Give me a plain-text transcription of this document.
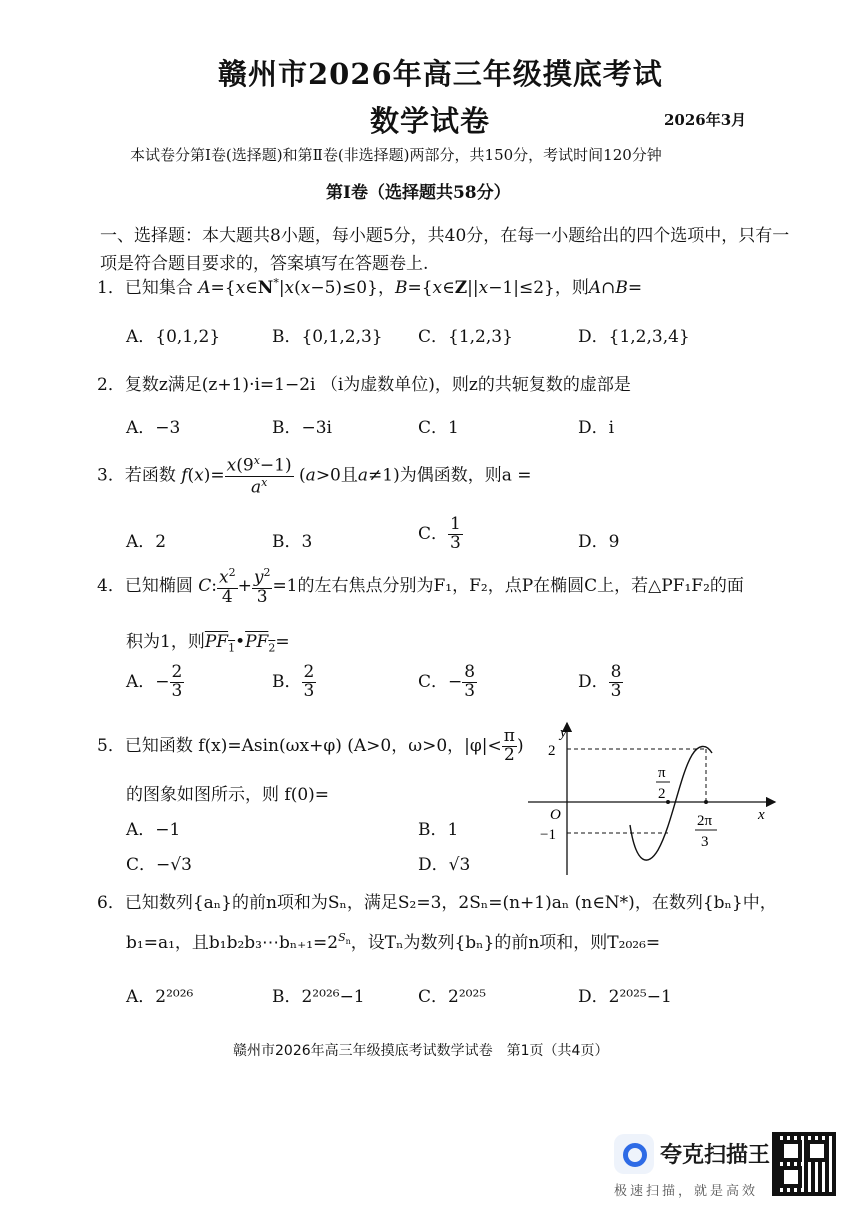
赣州市2026年高三年级摸底考试
数学试卷	2026年3月
本试卷分第Ⅰ卷(选择题)和第Ⅱ卷(非选择题)两部分，共150分，考试时间120分钟
第Ⅰ卷（选择题共58分）
一、选择题：本大题共8小题，每小题5分，共40分，在每一小题给出的四个选项中，只有一
项是符合题目要求的，答案填写在答题卷上.
1．已知集合 A={x∈N*|x(x−5)≤0}，B={x∈Z||x−1|≤2}，则A∩B=
A．{0,1,2}	B．{0,1,2,3} C．{1,2,3}	D．{1,2,3,4}
2．复数z满足(z+1)·i=1−2i （i为虚数单位)，则z的共轭复数的虚部是
A．−3	B．−3i	C．1	D．i
3．若函数 $f(x)= \frac{x(9^x-1)}{a^x} (a>0$且a≠1)为偶函数，则a =
A．2	B．3	C． $\frac{1}{3}$	D．9
4．已知椭圆 C: $\frac{x^2}{4} + \frac{y^2}{3} =1$的左右焦点分别为F₁，F₂，点P在椭圆C上，若△PF₁F₂的面
积为1，则$PF_1•PF_2=$
A．− $\frac{2}{3}$	B． $\frac{2}{3}$	C．− $\frac{8}{3}$	D． $\frac{8}{3}$
5．已知函数 f(x)=Asin(ωx+φ) (A>0，ω>0，$|\varphi|< \frac{\pi}{2}$ )
的图象如图所示，则 f(0)=
A．−1	B．1
C．−√3	D．√3
y
x
O
2
−1
π
2
2π
3
6．已知数列{aₙ}的前n项和为Sₙ，满足S₂=3，2Sₙ=(n+1)aₙ (n∈N*)，在数列{bₙ}中，
b₁=a₁，且$b_1b_2b_3\cdots b_{n+1}=2^{S_n}$，设Tₙ为数列{bₙ}的前n项和，则T₂₀₂₆=
A．2²⁰²⁶	B．2²⁰²⁶−1	C．2²⁰²⁵	D．2²⁰²⁵−1
赣州市2026年高三年级摸底考试数学试卷　第1页（共4页）
夸克扫描王
极速扫描，就是高效
